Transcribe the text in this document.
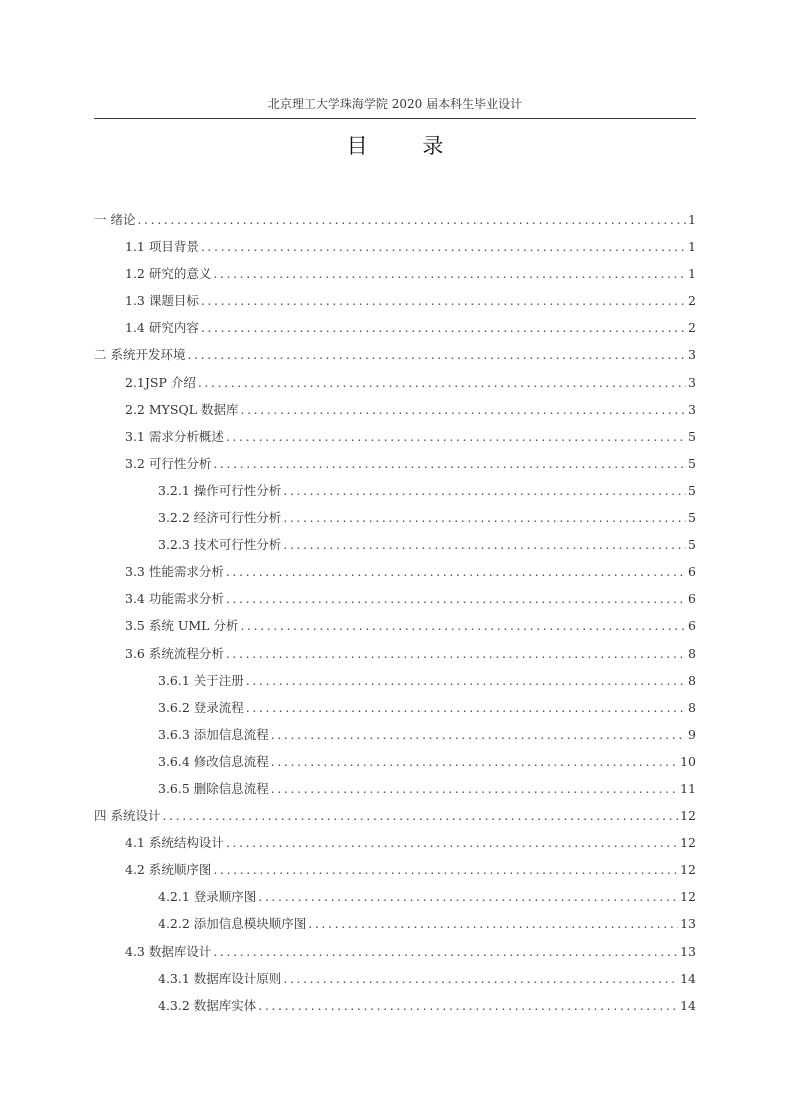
北京理工大学珠海学院 2020 届本科生毕业设计
目 录
一 绪论 .....	1
1.1 项目背景 .....	1
1.2 研究的意义 .....	1
1.3 课题目标 .....	2
1.4 研究内容 .....	2
二 系统开发环境 .....	3
2.1JSP 介绍 .....	3
2.2 MYSQL 数据库 .....	3
3.1 需求分析概述 .....	5
3.2 可行性分析 .....	5
3.2.1 操作可行性分析 .....	5
3.2.2 经济可行性分析 .....	5
3.2.3 技术可行性分析 .....	5
3.3 性能需求分析 .....	6
3.4 功能需求分析 .....	6
3.5 系统 UML 分析 .....	6
3.6 系统流程分析 .....	8
3.6.1 关于注册 .....	8
3.6.2 登录流程 .....	8
3.6.3 添加信息流程 .....	9
3.6.4 修改信息流程 .....	10
3.6.5 删除信息流程 .....	11
四 系统设计 .....	12
4.1 系统结构设计 .....	12
4.2 系统顺序图 .....	12
4.2.1 登录顺序图 .....	12
4.2.2 添加信息模块顺序图 .....	13
4.3 数据库设计 .....	13
4.3.1 数据库设计原则 .....	14
4.3.2 数据库实体 .....	14
